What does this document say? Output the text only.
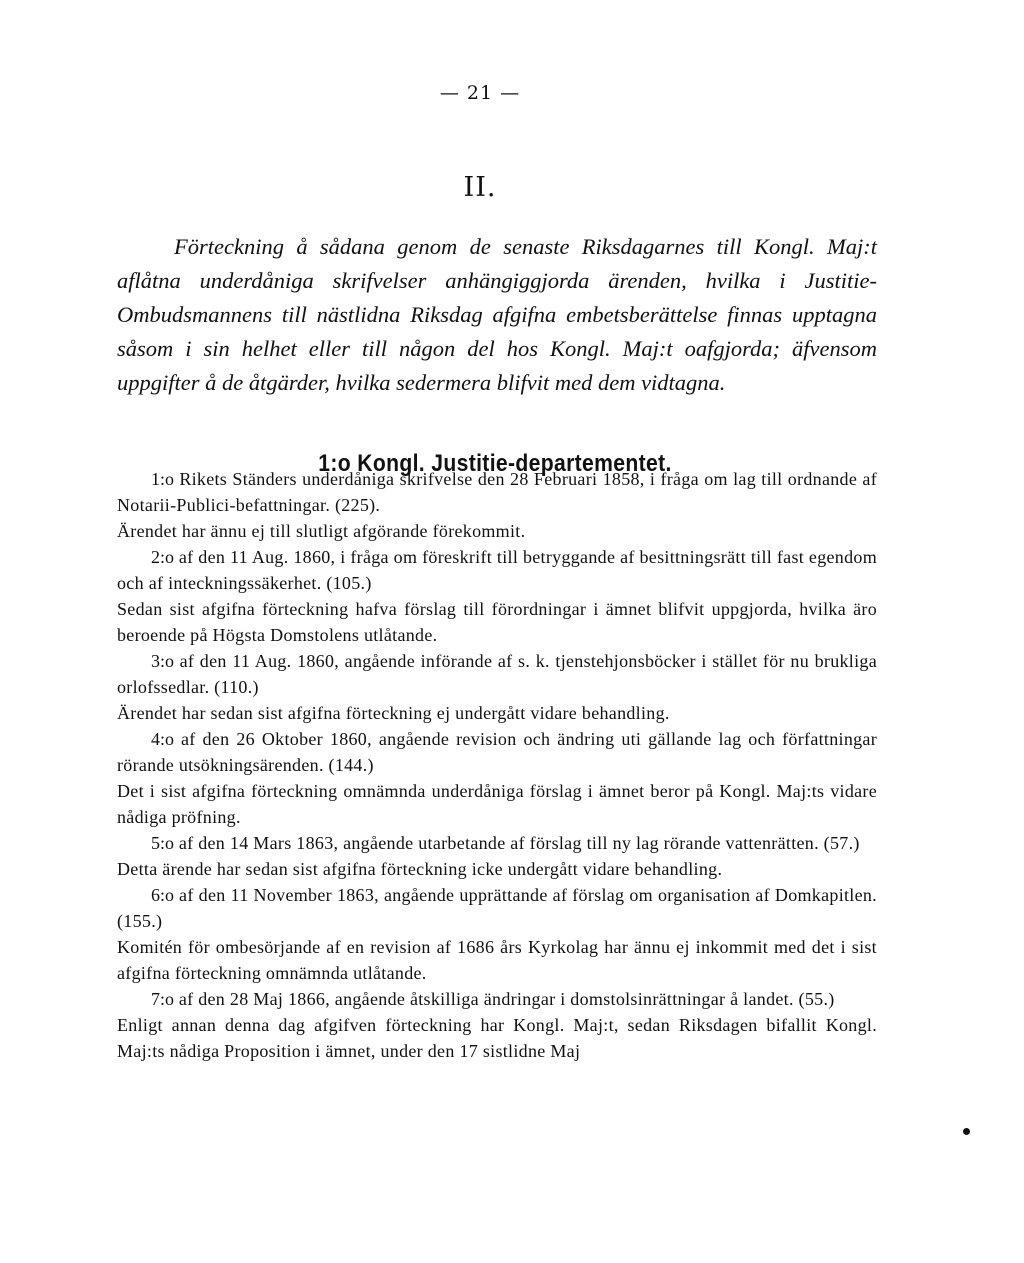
— 21 —
II.
Förteckning å sådana genom de senaste Riksdagarnes till Kongl. Maj:t aflåtna underdåniga skrifvelser anhängiggjorda ärenden, hvilka i Justitie-Ombudsmannens till nästlidna Riksdag afgifna embetsberättelse finnas upptagna såsom i sin helhet eller till någon del hos Kongl. Maj:t oafgjorda; äfvensom uppgifter å de åtgärder, hvilka sedermera blifvit med dem vidtagna.
1:o Kongl. Justitie-departementet.
1:o Rikets Ständers underdåniga skrifvelse den 28 Februari 1858, i fråga om lag till ordnande af Notarii-Publici-befattningar. (225).
Ärendet har ännu ej till slutligt afgörande förekommit.
2:o af den 11 Aug. 1860, i fråga om föreskrift till betryggande af besittningsrätt till fast egendom och af inteckningssäkerhet. (105.)
Sedan sist afgifna förteckning hafva förslag till förordningar i ämnet blifvit uppgjorda, hvilka äro beroende på Högsta Domstolens utlåtande.
3:o af den 11 Aug. 1860, angående införande af s. k. tjenstehjonsböcker i stället för nu brukliga orlofssedlar. (110.)
Ärendet har sedan sist afgifna förteckning ej undergått vidare behandling.
4:o af den 26 Oktober 1860, angående revision och ändring uti gällande lag och författningar rörande utsökningsärenden. (144.)
Det i sist afgifna förteckning omnämnda underdåniga förslag i ämnet beror på Kongl. Maj:ts vidare nådiga pröfning.
5:o af den 14 Mars 1863, angående utarbetande af förslag till ny lag rörande vattenrätten. (57.)
Detta ärende har sedan sist afgifna förteckning icke undergått vidare behandling.
6:o af den 11 November 1863, angående upprättande af förslag om organisation af Domkapitlen. (155.)
Komitén för ombesörjande af en revision af 1686 års Kyrkolag har ännu ej inkommit med det i sist afgifna förteckning omnämnda utlåtande.
7:o af den 28 Maj 1866, angående åtskilliga ändringar i domstolsinrättningar å landet. (55.)
Enligt annan denna dag afgifven förteckning har Kongl. Maj:t, sedan Riksdagen bifallit Kongl. Maj:ts nådiga Proposition i ämnet, under den 17 sistlidne Maj
